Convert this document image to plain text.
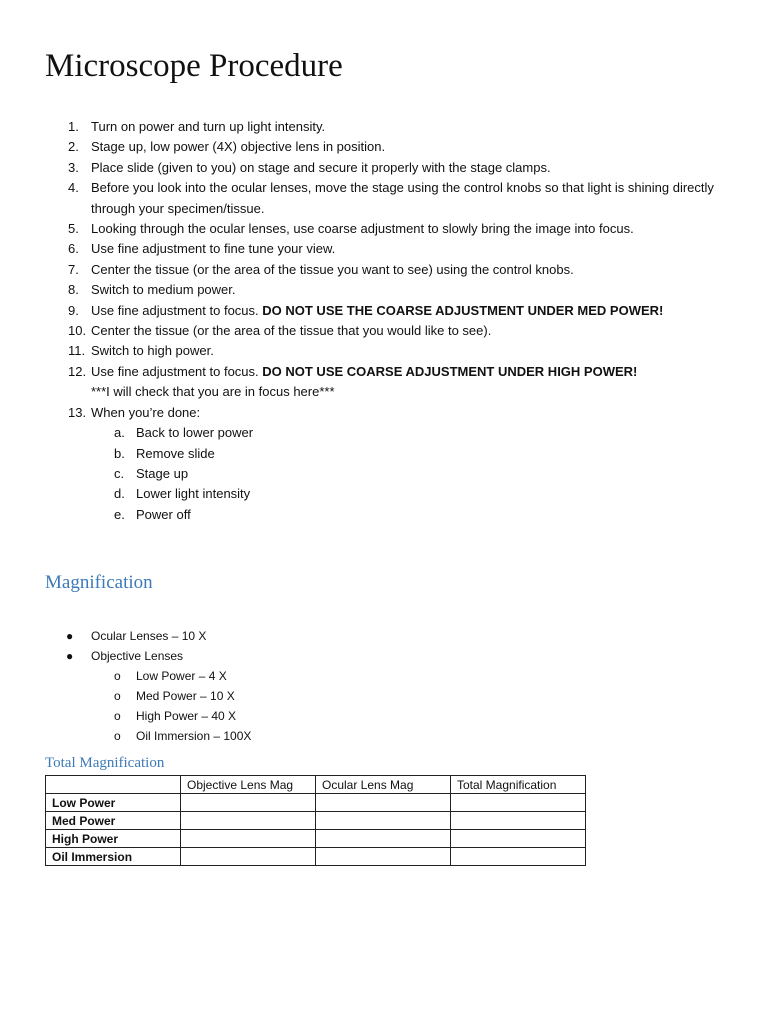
Microscope Procedure
1. Turn on power and turn up light intensity.
2. Stage up, low power (4X) objective lens in position.
3. Place slide (given to you) on stage and secure it properly with the stage clamps.
4. Before you look into the ocular lenses, move the stage using the control knobs so that light is shining directly through your specimen/tissue.
5. Looking through the ocular lenses, use coarse adjustment to slowly bring the image into focus.
6. Use fine adjustment to fine tune your view.
7. Center the tissue (or the area of the tissue you want to see) using the control knobs.
8. Switch to medium power.
9. Use fine adjustment to focus. DO NOT USE THE COARSE ADJUSTMENT UNDER MED POWER!
10. Center the tissue (or the area of the tissue that you would like to see).
11. Switch to high power.
12. Use fine adjustment to focus. DO NOT USE COARSE ADJUSTMENT UNDER HIGH POWER!
***I will check that you are in focus here***
13. When you’re done:
a. Back to lower power
b. Remove slide
c. Stage up
d. Lower light intensity
e. Power off
Magnification
● Ocular Lenses – 10 X
● Objective Lenses
o Low Power – 4 X
o Med Power – 10 X
o High Power – 40 X
o Oil Immersion – 100X
Total Magnification
	Objective Lens Mag	Ocular Lens Mag	Total Magnification
Low Power			
Med Power			
High Power			
Oil Immersion			
